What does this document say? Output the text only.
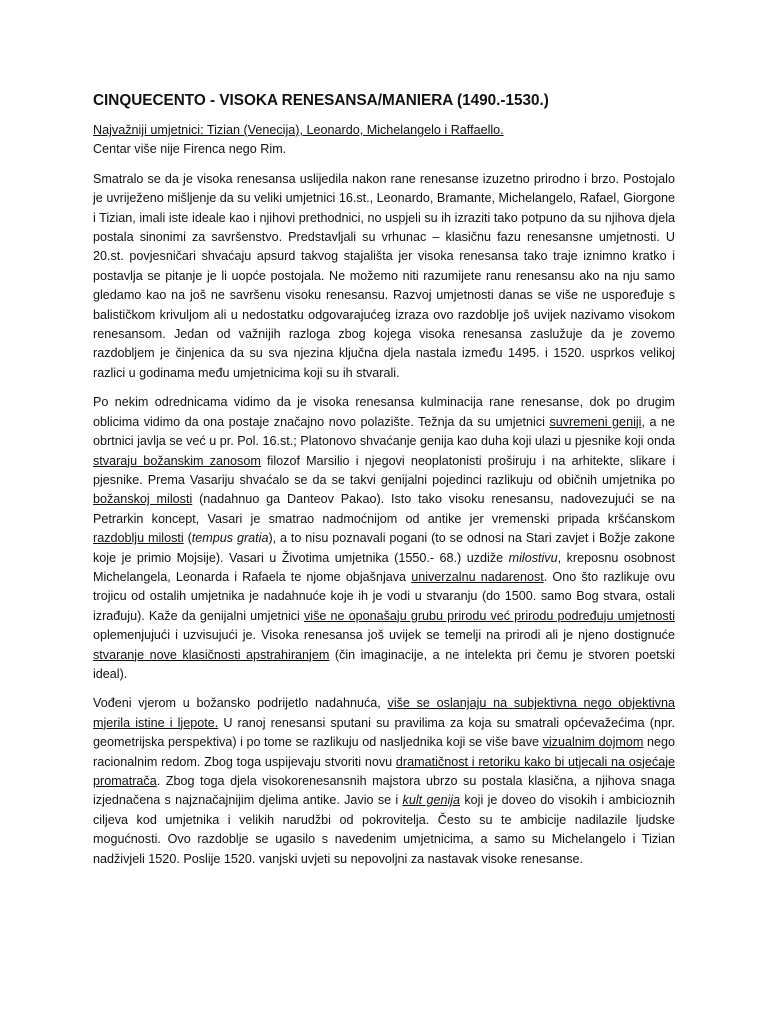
CINQUECENTO - VISOKA RENESANSA/MANIERA (1490.-1530.)
Najvažniji umjetnici: Tizian (Venecija), Leonardo, Michelangelo i Raffaello.
Centar više nije Firenca nego Rim.

Smatralo se da je visoka renesansa uslijedila nakon rane renesanse izuzetno prirodno i brzo. Postojalo je uvriježeno mišljenje da su veliki umjetnici 16.st., Leonardo, Bramante, Michelangelo, Rafael, Giorgone i Tizian, imali iste ideale kao i njihovi prethodnici, no uspjeli su ih izraziti tako potpuno da su njihova djela postala sinonimi za savršenstvo. Predstavljali su vrhunac – klasičnu fazu renesansne umjetnosti. U 20.st. povjesničari shvaćaju apsurd takvog stajališta jer visoka renesansa tako traje iznimno kratko i postavlja se pitanje je li uopće postojala. Ne možemo niti razumijete ranu renesansu ako na nju samo gledamo kao na još ne savršenu visoku renesansu. Razvoj umjetnosti danas se više ne uspoređuje s balističkom krivuljom ali u nedostatku odgovarajućeg izraza ovo razdoblje još uvijek nazivamo visokom renesansom. Jedan od važnijih razloga zbog kojega visoka renesansa zaslužuje da je zovemo razdobljem je činjenica da su sva njezina ključna djela nastala između 1495. i 1520. usprkos velikoj razlici u godinama među umjetnicima koji su ih stvarali.

Po nekim odrednicama vidimo da je visoka renesansa kulminacija rane renesanse, dok po drugim oblicima vidimo da ona postaje značajno novo polazište. Težnja da su umjetnici suvremeni geniji, a ne obrtnici javlja se već u pr. Pol. 16.st.; Platonovo shvaćanje genija kao duha koji ulazi u pjesnike koji onda stvaraju božanskim zanosom filozof Marsilio i njegovi neoplatonisti proširuju i na arhitekte, slikare i pjesnike. Prema Vasariju shvaćalo se da se takvi genijalni pojedinci razlikuju od običnih umjetnika po božanskoj milosti (nadahnuo ga Danteov Pakao). Isto tako visoku renesansu, nadovezujući se na Petrarkin koncept, Vasari je smatrao nadmoćnijom od antike jer vremenski pripada kršćanskom razdoblju milosti (tempus gratia), a to nisu poznavali pogani (to se odnosi na Stari zavjet i Božje zakone koje je primio Mojsije). Vasari u Životima umjetnika (1550.- 68.) uzdiže milostivu, kreposnu osobnost Michelangela, Leonarda i Rafaela te njome objašnjava univerzalnu nadarenost. Ono što razlikuje ovu trojicu od ostalih umjetnika je nadahnuće koje ih je vodi u stvaranju (do 1500. samo Bog stvara, ostali izrađuju). Kaže da genijalni umjetnici više ne oponašaju grubu prirodu već prirodu podređuju umjetnosti oplemenjujući i uzvisujući je. Visoka renesansa još uvijek se temelji na prirodi ali je njeno dostignuće stvaranje nove klasičnosti apstrahiranjem (čin imaginacije, a ne intelekta pri čemu je stvoren poetski ideal).

Vođeni vjerom u božansko podrijetlo nadahnuća, više se oslanjaju na subjektivna nego objektivna mjerila istine i ljepote. U ranoj renesansi sputani su pravilima za koja su smatrali općevažećima (npr. geometrijska perspektiva) i po tome se razlikuju od nasljednika koji se više bave vizualnim dojmom nego racionalnim redom. Zbog toga uspijevaju stvoriti novu dramatičnost i retoriku kako bi utjecali na osjećaje promatrača. Zbog toga djela visokorenesansnih majstora ubrzo su postala klasična, a njihova snaga izjednačena s najznačajnijim djelima antike. Javio se i kult genija koji je doveo do visokih i ambicioznih ciljeva kod umjetnika i velikih narudžbi od pokrovitelja. Često su te ambicije nadilazile ljudske mogućnosti. Ovo razdoblje se ugasilo s navedenim umjetnicima, a samo su Michelangelo i Tizian nadživjeli 1520. Poslije 1520. vanjski uvjeti su nepovoljni za nastavak visoke renesanse.
